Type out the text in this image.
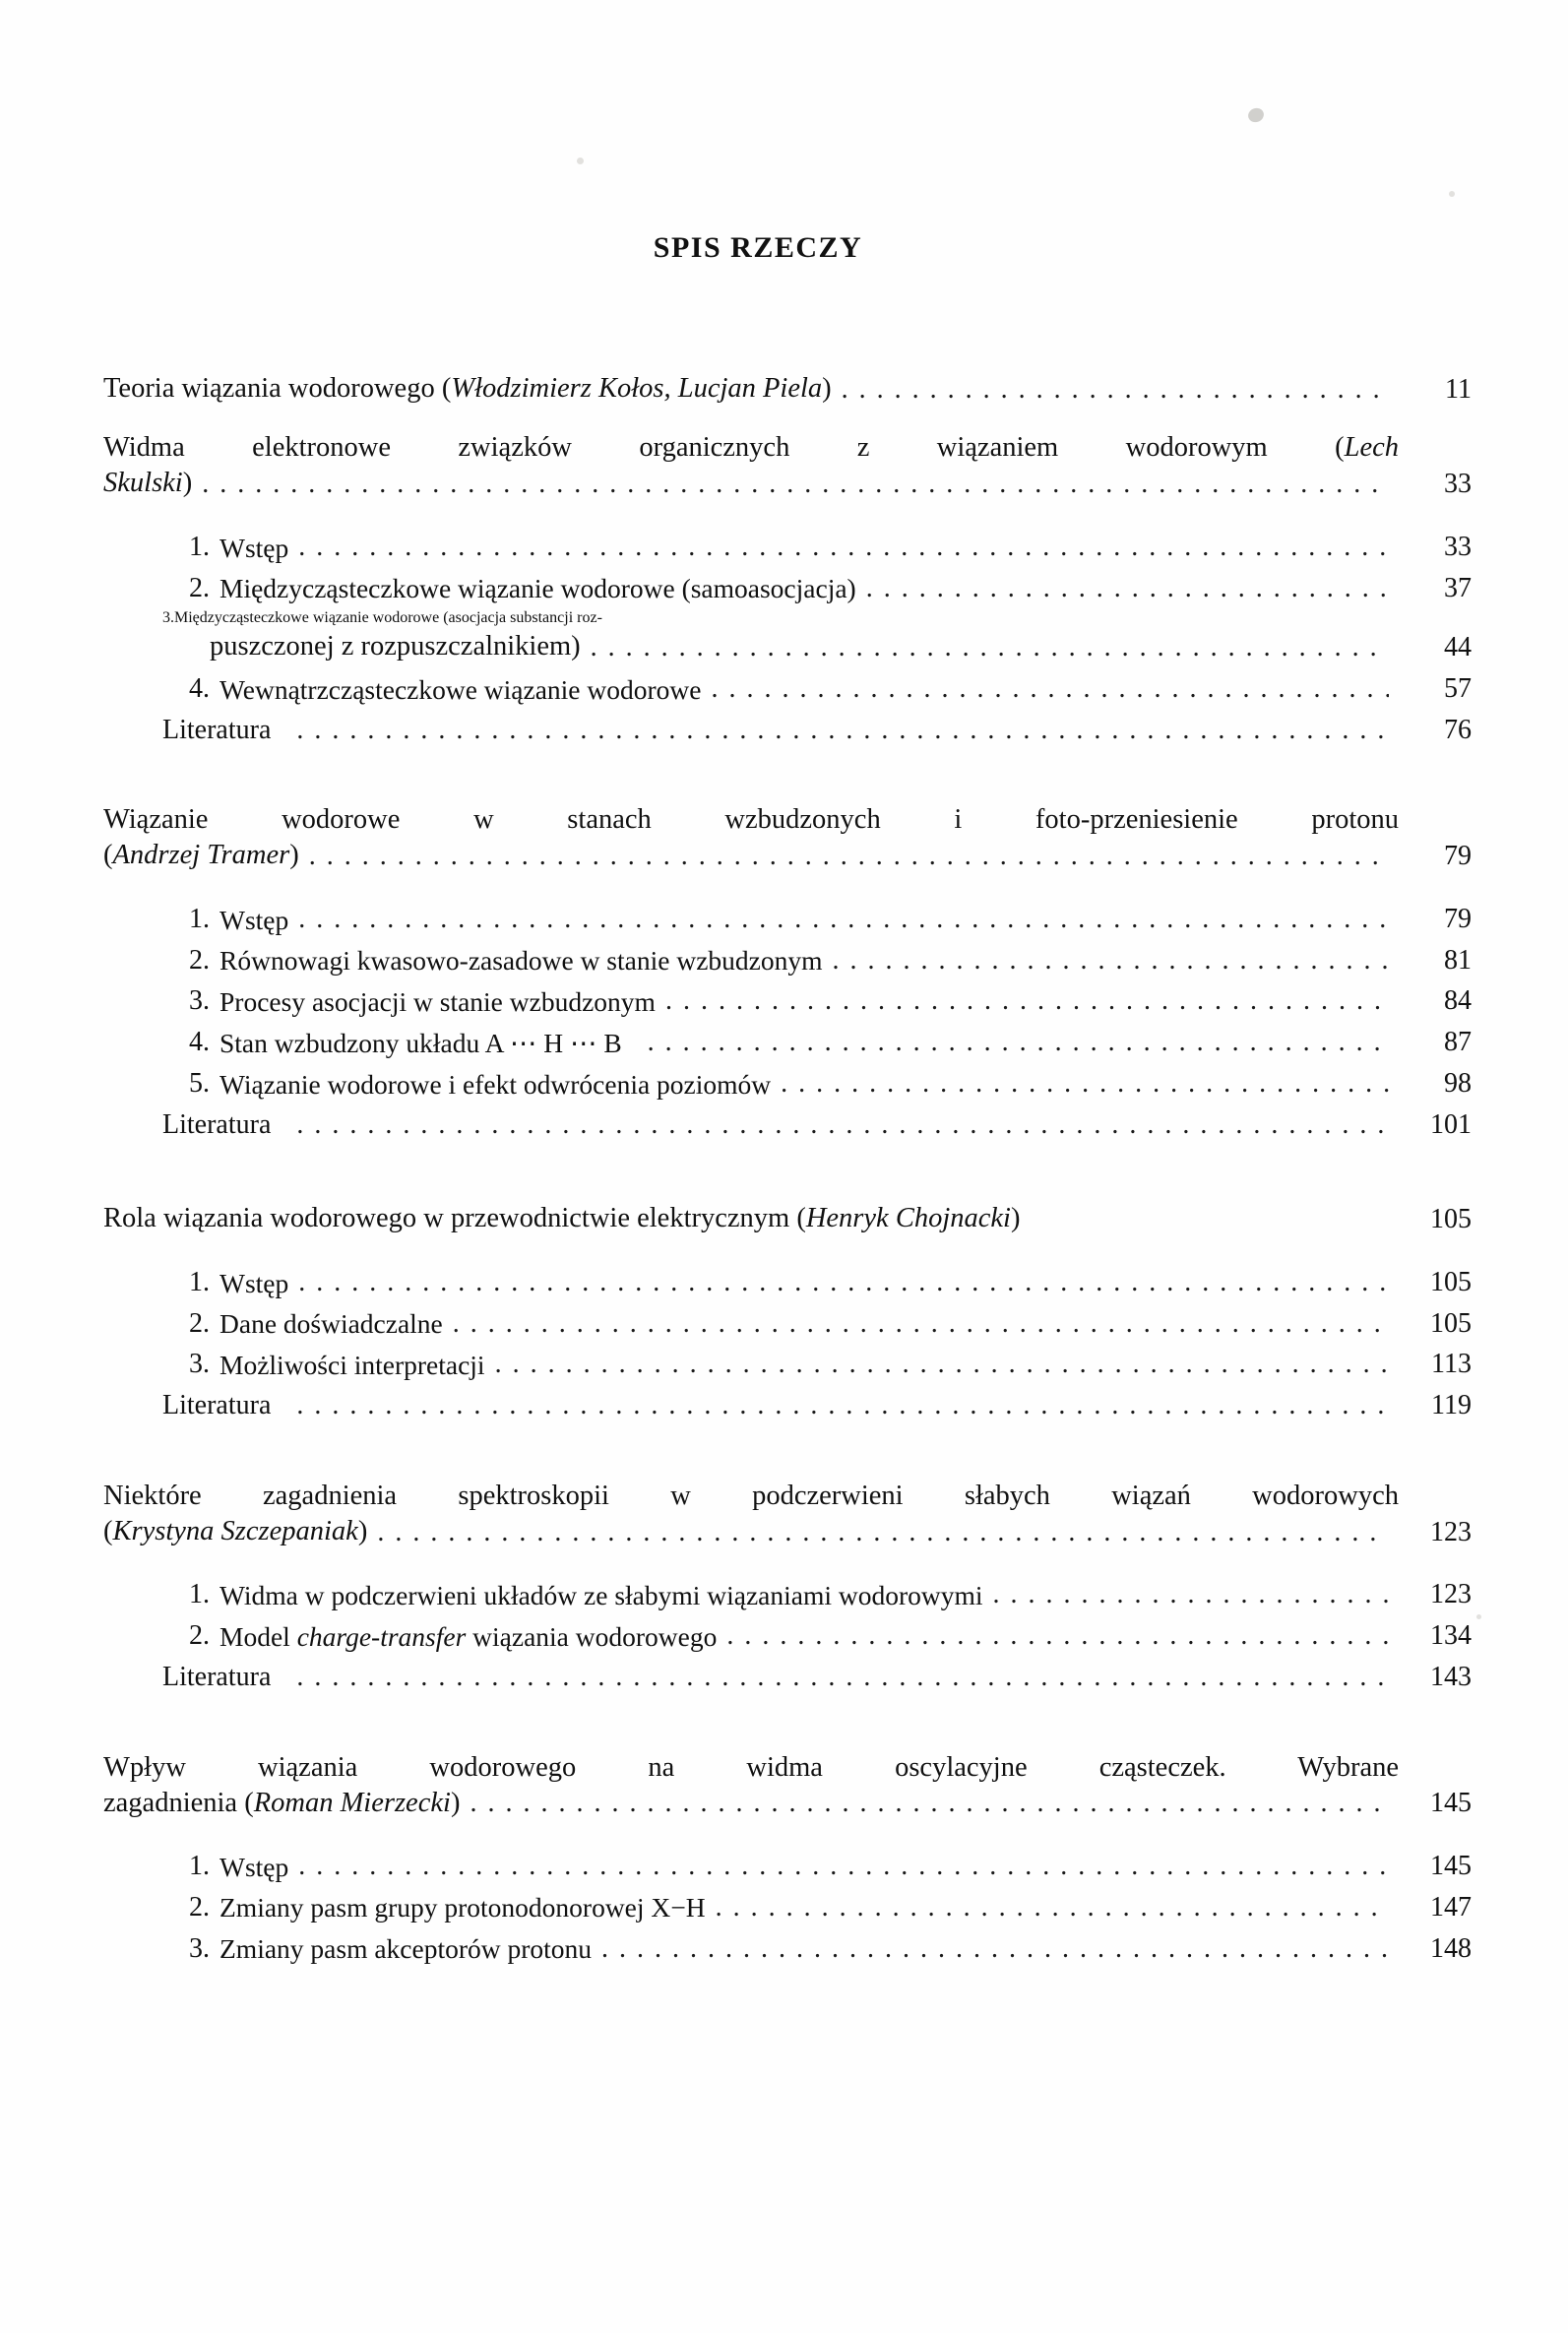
SPIS RZECZY
Teoria wiązania wodorowego (Włodzimierz Kołos, Lucjan Piela) . . .	11
Widma elektronowe związków organicznych z wiązaniem wodorowym (Lech
Skulski) . . .	33
1. Wstęp . . .	33
2. Międzycząsteczkowe wiązanie wodorowe (samoasocjacja) . . .	37
3. Międzycząsteczkowe wiązanie wodorowe (asocjacja substancji roz-
puszczonej z rozpuszczalnikiem) . . .	44
4. Wewnątrzcząsteczkowe wiązanie wodorowe . . .	57
Literatura . . .	76
Wiązanie wodorowe w stanach wzbudzonych i foto-przeniesienie protonu
(Andrzej Tramer) . . .	79
1. Wstęp . . .	79
2. Równowagi kwasowo-zasadowe w stanie wzbudzonym . . .	81
3. Procesy asocjacji w stanie wzbudzonym . . .	84
4. Stan wzbudzony układu A ⋯ H ⋯ B . . .	87
5. Wiązanie wodorowe i efekt odwrócenia poziomów . . .	98
Literatura . . .	101
Rola wiązania wodorowego w przewodnictwie elektrycznym (Henryk Chojnacki)	105
1. Wstęp . . .	105
2. Dane doświadczalne . . .	105
3. Możliwości interpretacji . . .	113
Literatura . . .	119
Niektóre zagadnienia spektroskopii w podczerwieni słabych wiązań wodorowych
(Krystyna Szczepaniak) . . .	123
1. Widma w podczerwieni układów ze słabymi wiązaniami wodorowymi . . .	123
2. Model charge-transfer wiązania wodorowego . . .	134
Literatura . . .	143
Wpływ wiązania wodorowego na widma oscylacyjne cząsteczek. Wybrane
zagadnienia (Roman Mierzecki) . . .	145
1. Wstęp . . .	145
2. Zmiany pasm grupy protonodonorowej X−H . . .	147
3. Zmiany pasm akceptorów protonu . . .	148
